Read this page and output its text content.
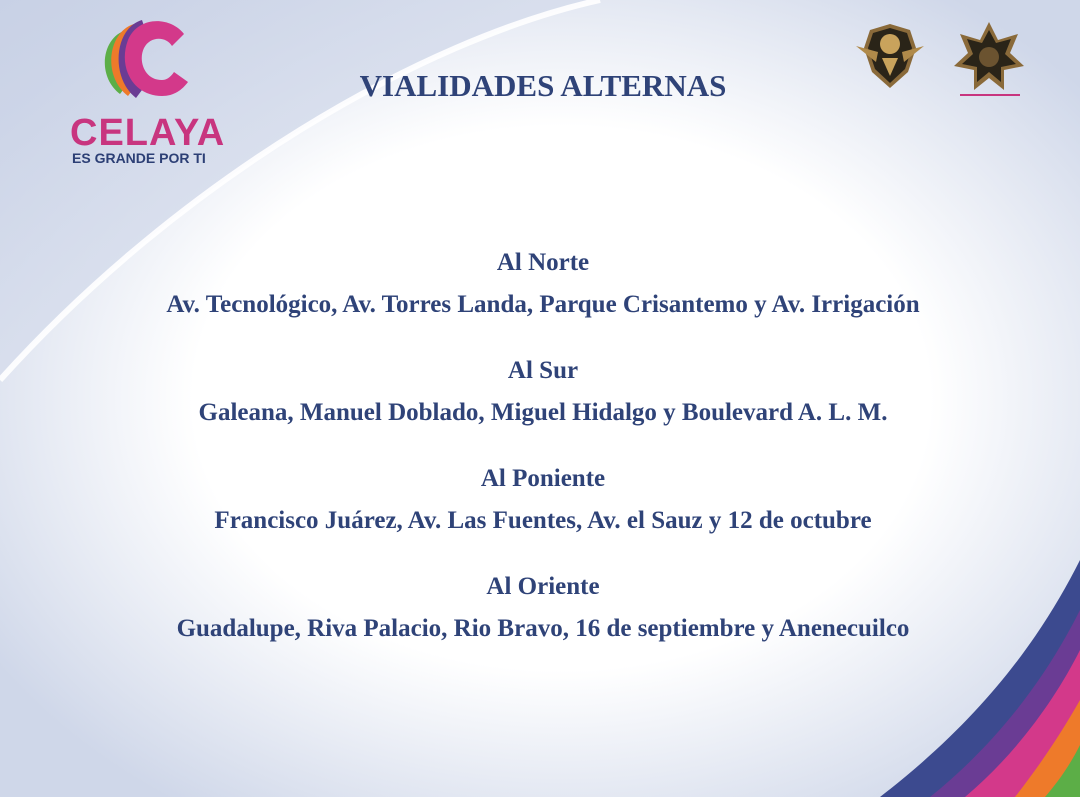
CELAYA
ES GRANDE POR TI
VIALIDADES ALTERNAS
Al Norte
Av. Tecnológico, Av. Torres Landa, Parque Crisantemo y Av. Irrigación
Al Sur
Galeana, Manuel Doblado, Miguel Hidalgo y Boulevard A. L. M.
Al Poniente
Francisco Juárez, Av. Las Fuentes, Av. el Sauz y 12 de octubre
Al Oriente
Guadalupe, Riva Palacio, Rio Bravo, 16 de septiembre y Anenecuilco
